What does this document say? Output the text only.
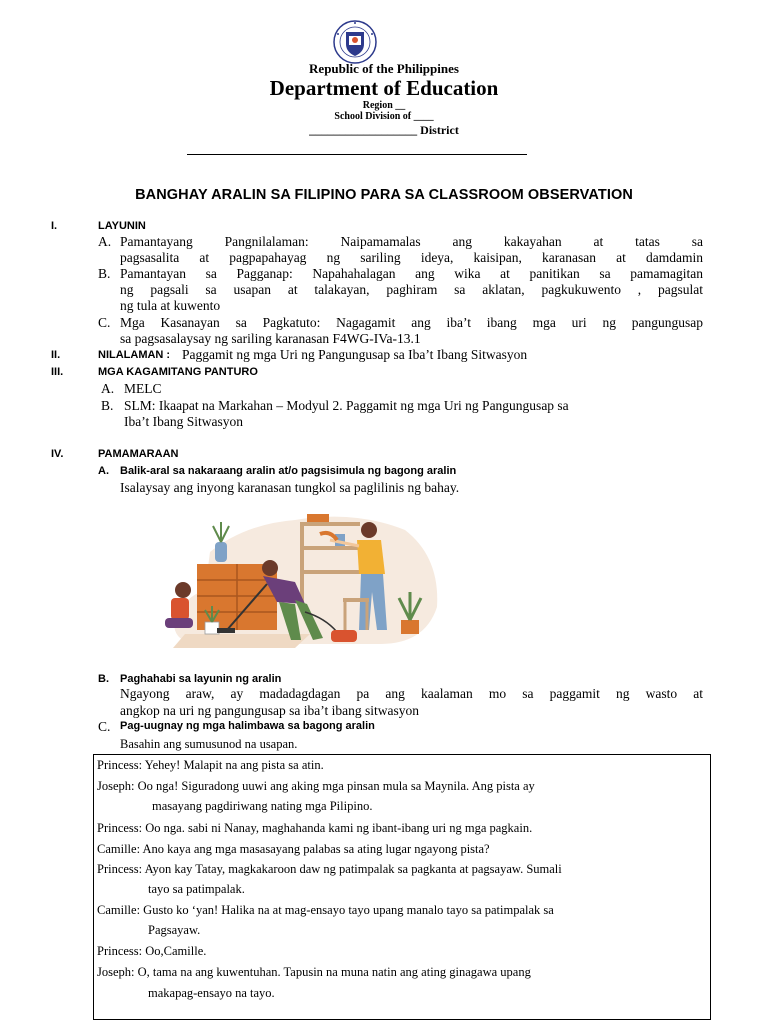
Republic of the Philippines
Department of Education
Region __
School Division of ____
__________________ District
BANGHAY ARALIN SA FILIPINO PARA SA CLASSROOM OBSERVATION
I.	LAYUNIN
A. Pamantayang Pangnilalaman: Naipamamalas ang kakayahan at tatas sa
pagsasalita at pagpapahayag ng sariling ideya, kaisipan, karanasan at damdamin
B. Pamantayan sa Pagganap: Napahahalagan ang wika at panitikan sa pamamagitan
ng pagsali sa usapan at talakayan, paghiram sa aklatan, pagkukuwento , pagsulat
ng tula at kuwento
C. Mga Kasanayan sa Pagkatuto: Nagagamit ang iba’t ibang mga uri ng pangungusap
sa pagsasalaysay ng sariling karanasan F4WG-IVa-13.1
II.	NILALAMAN : Paggamit ng mga Uri ng Pangungusap sa Iba’t Ibang Sitwasyon
III.	MGA KAGAMITANG PANTURO
A. MELC
B. SLM: Ikaapat na Markahan – Modyul 2. Paggamit ng mga Uri ng Pangungusap sa
Iba’t Ibang Sitwasyon
IV.	PAMAMARAAN
A. Balik-aral sa nakaraang aralin at/o pagsisimula ng bagong aralin
Isalaysay ang inyong karanasan tungkol sa paglilinis ng bahay.
B. Paghahabi sa layunin ng aralin
Ngayong araw, ay madadagdagan pa ang kaalaman mo sa paggamit ng wasto at
angkop na uri ng pangungusap sa iba’t ibang sitwasyon
C. Pag-uugnay ng mga halimbawa sa bagong aralin
Basahin ang sumusunod na usapan.
Princess: Yehey! Malapit na ang pista sa atin.
Joseph: Oo nga! Siguradong uuwi ang aking mga pinsan mula sa Maynila. Ang pista ay
masayang pagdiriwang nating mga Pilipino.
Princess: Oo nga. sabi ni Nanay, maghahanda kami ng ibant-ibang uri ng mga pagkain.
Camille: Ano kaya ang mga masasayang palabas sa ating lugar ngayong pista?
Princess: Ayon kay Tatay, magkakaroon daw ng patimpalak sa pagkanta at pagsayaw. Sumali
tayo sa patimpalak.
Camille: Gusto ko ‘yan! Halika na at mag-ensayo tayo upang manalo tayo sa patimpalak sa
Pagsayaw.
Princess: Oo,Camille.
Joseph: O, tama na ang kuwentuhan. Tapusin na muna natin ang ating ginagawa upang
makapag-ensayo na tayo.
